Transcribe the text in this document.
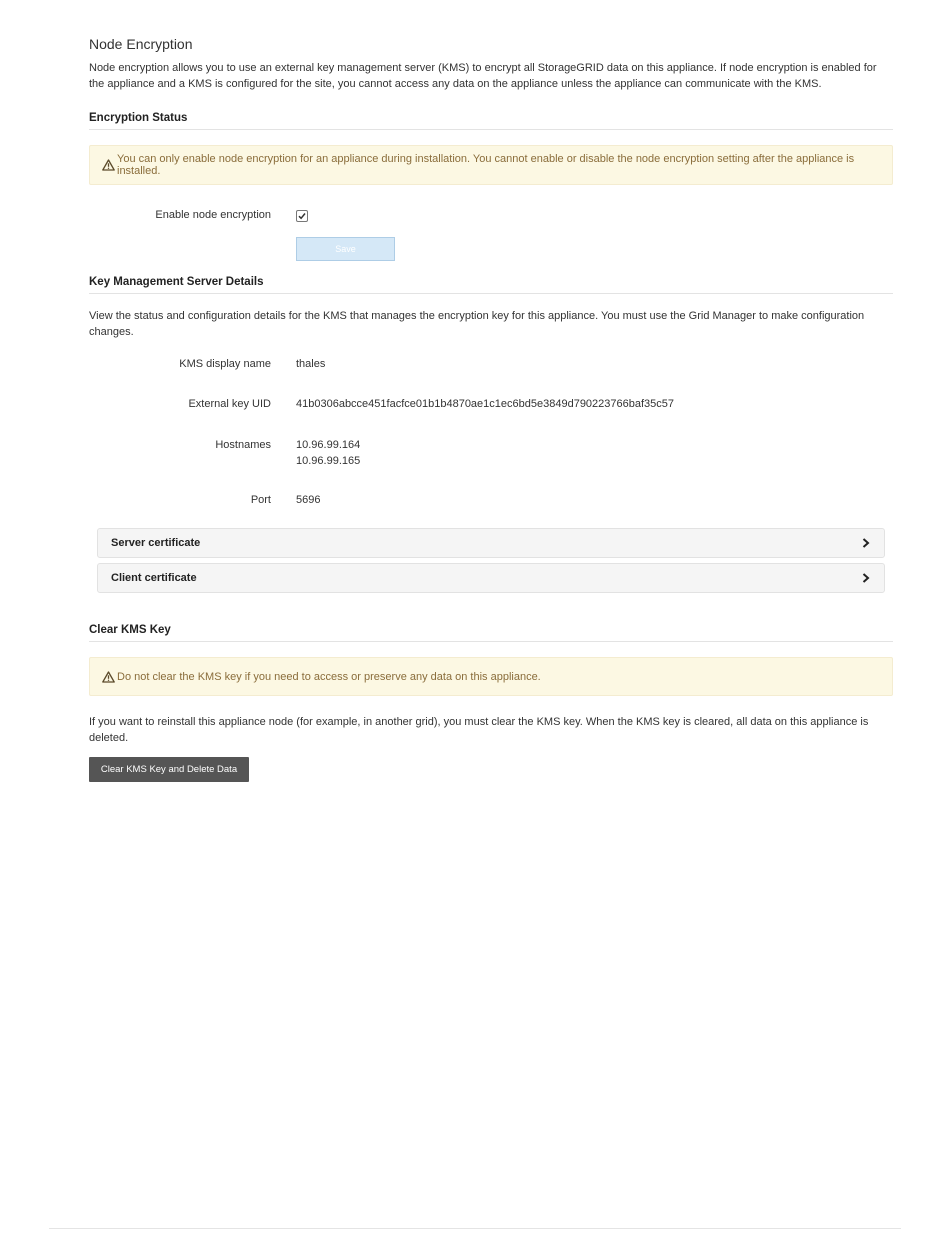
Node Encryption
Node encryption allows you to use an external key management server (KMS) to encrypt all StorageGRID data on this appliance. If node encryption is enabled for the appliance and a KMS is configured for the site, you cannot access any data on the appliance unless the appliance can communicate with the KMS.
Encryption Status
You can only enable node encryption for an appliance during installation. You cannot enable or disable the node encryption setting after the appliance is installed.
Enable node encryption
Save
Key Management Server Details
View the status and configuration details for the KMS that manages the encryption key for this appliance. You must use the Grid Manager to make configuration changes.
KMS display name thales
External key UID 41b0306abcce451facfce01b1b4870ae1c1ec6bd5e3849d790223766baf35c57
Hostnames 10.96.99.164
10.96.99.165
Port 5696
Server certificate
Client certificate
Clear KMS Key
Do not clear the KMS key if you need to access or preserve any data on this appliance.
If you want to reinstall this appliance node (for example, in another grid), you must clear the KMS key. When the KMS key is cleared, all data on this appliance is deleted.
Clear KMS Key and Delete Data
